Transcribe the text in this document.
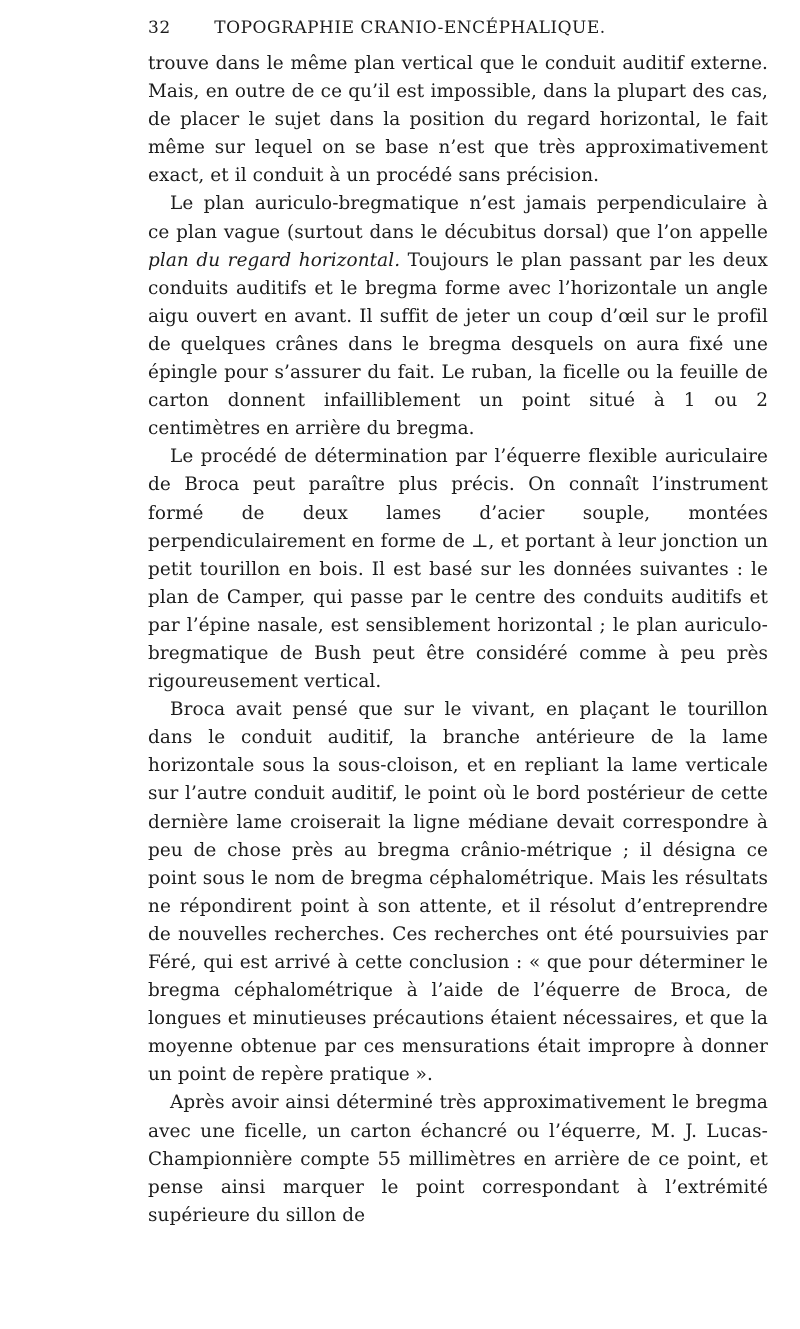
32	TOPOGRAPHIE CRANIO-ENCÉPHALIQUE.

trouve dans le même plan vertical que le conduit auditif externe. Mais, en outre de ce qu’il est impossible, dans la plupart des cas, de placer le sujet dans la position du regard horizontal, le fait même sur lequel on se base n’est que très approximativement exact, et il conduit à un procédé sans précision.

Le plan auriculo-bregmatique n’est jamais perpendiculaire à ce plan vague (surtout dans le décubitus dorsal) que l’on appelle plan du regard horizontal. Toujours le plan passant par les deux conduits auditifs et le bregma forme avec l’horizontale un angle aigu ouvert en avant. Il suffit de jeter un coup d’œil sur le profil de quelques crânes dans le bregma desquels on aura fixé une épingle pour s’assurer du fait. Le ruban, la ficelle ou la feuille de carton donnent infailliblement un point situé à 1 ou 2 centimètres en arrière du bregma.

Le procédé de détermination par l’équerre flexible auriculaire de Broca peut paraître plus précis. On connaît l’instrument formé de deux lames d’acier souple, montées perpendiculairement en forme de ⊥, et portant à leur jonction un petit tourillon en bois. Il est basé sur les données suivantes : le plan de Camper, qui passe par le centre des conduits auditifs et par l’épine nasale, est sensiblement horizontal ; le plan auriculo-bregmatique de Bush peut être considéré comme à peu près rigoureusement vertical.

Broca avait pensé que sur le vivant, en plaçant le tourillon dans le conduit auditif, la branche antérieure de la lame horizontale sous la sous-cloison, et en repliant la lame verticale sur l’autre conduit auditif, le point où le bord postérieur de cette dernière lame croiserait la ligne médiane devait correspondre à peu de chose près au bregma crânio-métrique ; il désigna ce point sous le nom de bregma céphalométrique. Mais les résultats ne répondirent point à son attente, et il résolut d’entreprendre de nouvelles recherches. Ces recherches ont été poursuivies par Féré, qui est arrivé à cette conclusion : « que pour déterminer le bregma céphalométrique à l’aide de l’équerre de Broca, de longues et minutieuses précautions étaient nécessaires, et que la moyenne obtenue par ces mensurations était impropre à donner un point de repère pratique ».

Après avoir ainsi déterminé très approximativement le bregma avec une ficelle, un carton échancré ou l’équerre, M. J. Lucas-Championnière compte 55 millimètres en arrière de ce point, et pense ainsi marquer le point correspondant à l’extrémité supérieure du sillon de
